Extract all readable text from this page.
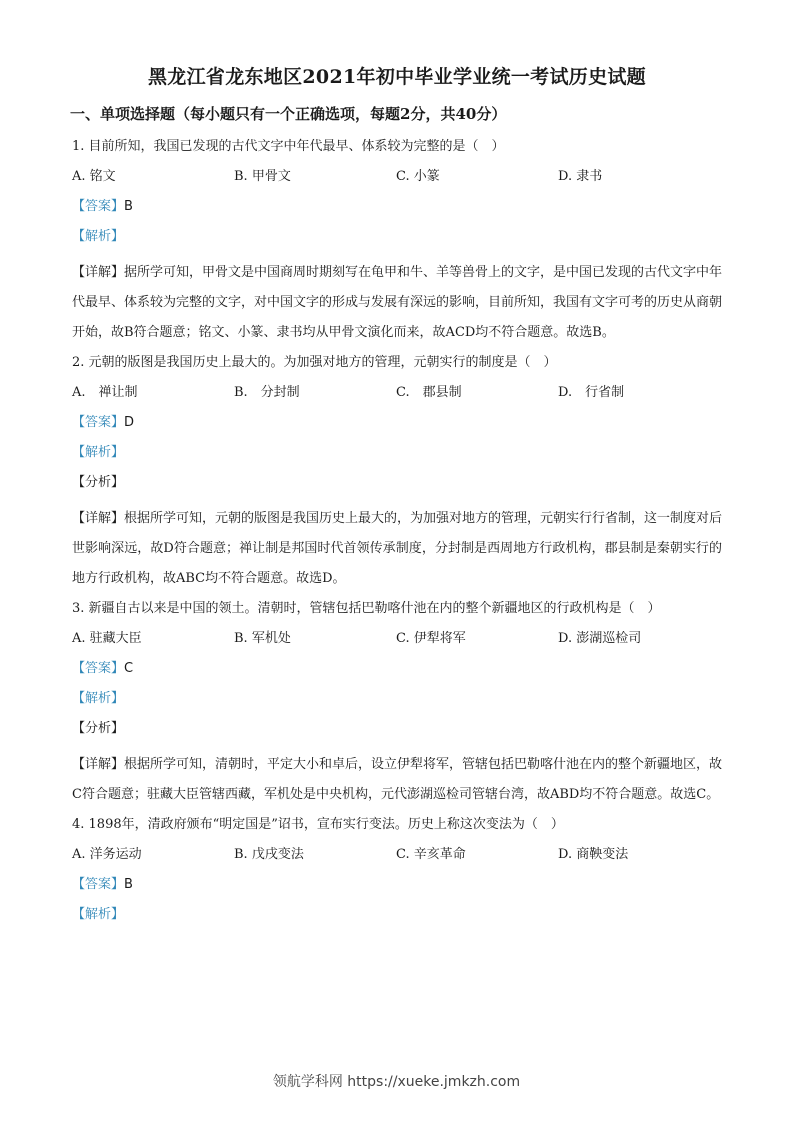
黑龙江省龙东地区2021年初中毕业学业统一考试历史试题
一、单项选择题（每小题只有一个正确选项，每题2分，共40分）
1. 目前所知，我国已发现的古代文字中年代最早、体系较为完整的是（　）
A. 铭文	B. 甲骨文	C. 小篆	D. 隶书
【答案】B
【解析】
【详解】据所学可知，甲骨文是中国商周时期刻写在龟甲和牛、羊等兽骨上的文字，是中国已发现的古代文字中年代最早、体系较为完整的文字，对中国文字的形成与发展有深远的影响，目前所知，我国有文字可考的历史从商朝开始，故B符合题意；铭文、小篆、隶书均从甲骨文演化而来，故ACD均不符合题意。故选B。
2. 元朝的版图是我国历史上最大的。为加强对地方的管理，元朝实行的制度是（　）
A.　禅让制	B.　分封制	C.　郡县制	D.　行省制
【答案】D
【解析】
【分析】
【详解】根据所学可知，元朝的版图是我国历史上最大的，为加强对地方的管理，元朝实行行省制，这一制度对后世影响深远，故D符合题意；禅让制是邦国时代首领传承制度，分封制是西周地方行政机构，郡县制是秦朝实行的地方行政机构，故ABC均不符合题意。故选D。
3. 新疆自古以来是中国的领土。清朝时，管辖包括巴勒喀什池在内的整个新疆地区的行政机构是（　）
A. 驻藏大臣	B. 军机处	C. 伊犁将军	D. 澎湖巡检司
【答案】C
【解析】
【分析】
【详解】根据所学可知，清朝时，平定大小和卓后，设立伊犁将军，管辖包括巴勒喀什池在内的整个新疆地区，故C符合题意；驻藏大臣管辖西藏，军机处是中央机构，元代澎湖巡检司管辖台湾，故ABD均不符合题意。故选C。
4. 1898年，清政府颁布“明定国是”诏书，宣布实行变法。历史上称这次变法为（　）
A. 洋务运动	B. 戊戌变法	C. 辛亥革命	D. 商鞅变法
【答案】B
【解析】
领航学科网 https://xueke.jmkzh.com
